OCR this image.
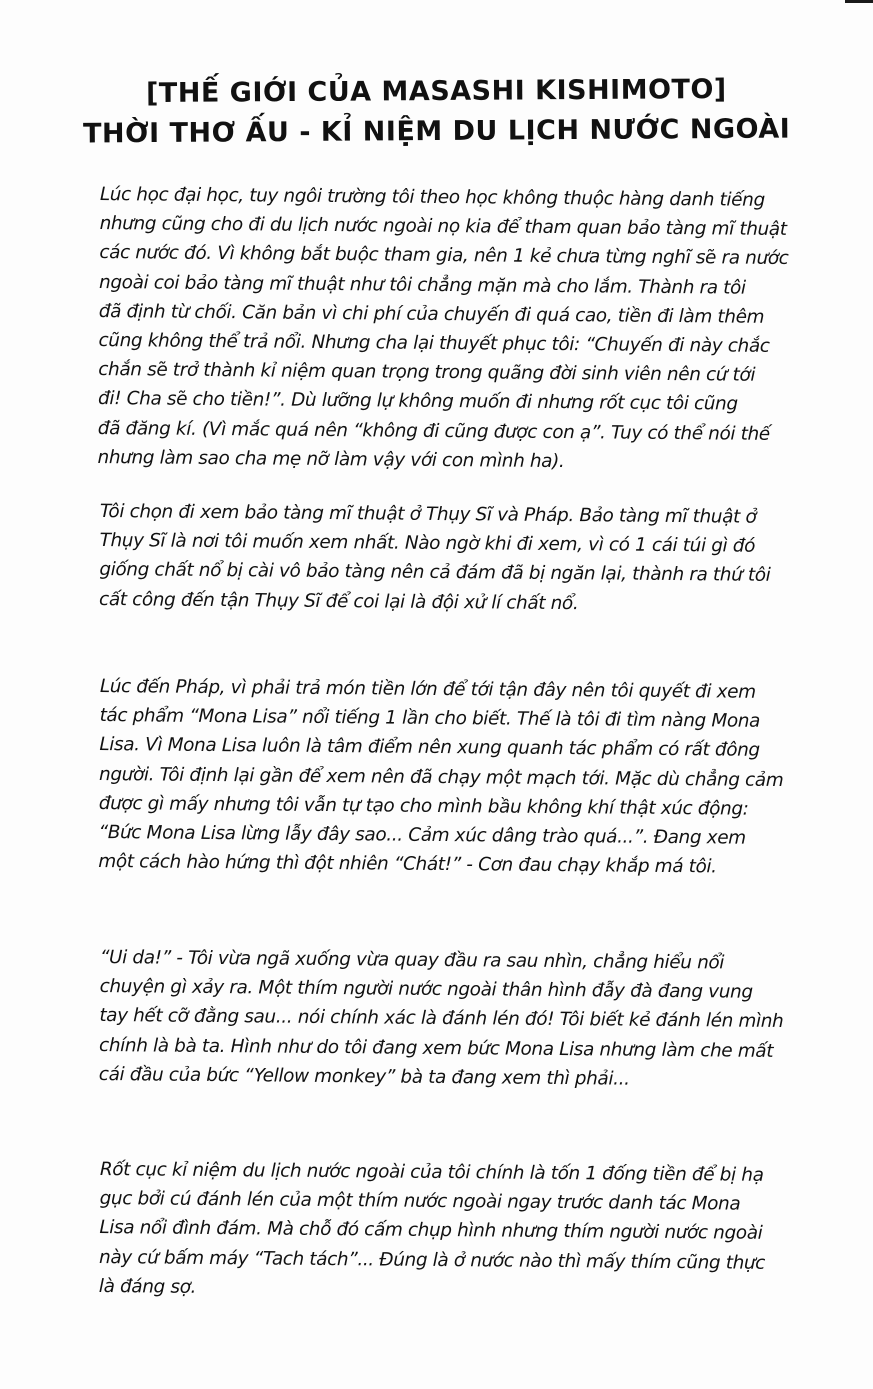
[THẾ GIỚI CỦA MASASHI KISHIMOTO]
THỜI THƠ ẤU - KỈ NIỆM DU LỊCH NƯỚC NGOÀI
Lúc học đại học, tuy ngôi trường tôi theo học không thuộc hàng danh tiếng
nhưng cũng cho đi du lịch nước ngoài nọ kia để tham quan bảo tàng mĩ thuật
các nước đó. Vì không bắt buộc tham gia, nên 1 kẻ chưa từng nghĩ sẽ ra nước
ngoài coi bảo tàng mĩ thuật như tôi chẳng mặn mà cho lắm. Thành ra tôi
đã định từ chối. Căn bản vì chi phí của chuyến đi quá cao, tiền đi làm thêm
cũng không thể trả nổi. Nhưng cha lại thuyết phục tôi: “Chuyến đi này chắc
chắn sẽ trở thành kỉ niệm quan trọng trong quãng đời sinh viên nên cứ tới
đi! Cha sẽ cho tiền!”. Dù lưỡng lự không muốn đi nhưng rốt cục tôi cũng
đã đăng kí. (Vì mắc quá nên “không đi cũng được con ạ”. Tuy có thể nói thế
nhưng làm sao cha mẹ nỡ làm vậy với con mình ha).
Tôi chọn đi xem bảo tàng mĩ thuật ở Thụy Sĩ và Pháp. Bảo tàng mĩ thuật ở
Thụy Sĩ là nơi tôi muốn xem nhất. Nào ngờ khi đi xem, vì có 1 cái túi gì đó
giống chất nổ bị cài vô bảo tàng nên cả đám đã bị ngăn lại, thành ra thứ tôi
cất công đến tận Thụy Sĩ để coi lại là đội xử lí chất nổ.
Lúc đến Pháp, vì phải trả món tiền lớn để tới tận đây nên tôi quyết đi xem
tác phẩm “Mona Lisa” nổi tiếng 1 lần cho biết. Thế là tôi đi tìm nàng Mona
Lisa. Vì Mona Lisa luôn là tâm điểm nên xung quanh tác phẩm có rất đông
người. Tôi định lại gần để xem nên đã chạy một mạch tới. Mặc dù chẳng cảm
được gì mấy nhưng tôi vẫn tự tạo cho mình bầu không khí thật xúc động:
“Bức Mona Lisa lừng lẫy đây sao... Cảm xúc dâng trào quá...”. Đang xem
một cách hào hứng thì đột nhiên “Chát!” - Cơn đau chạy khắp má tôi.
“Ui da!” - Tôi vừa ngã xuống vừa quay đầu ra sau nhìn, chẳng hiểu nổi
chuyện gì xảy ra. Một thím người nước ngoài thân hình đẫy đà đang vung
tay hết cỡ đằng sau... nói chính xác là đánh lén đó! Tôi biết kẻ đánh lén mình
chính là bà ta. Hình như do tôi đang xem bức Mona Lisa nhưng làm che mất
cái đầu của bức “Yellow monkey” bà ta đang xem thì phải...
Rốt cục kỉ niệm du lịch nước ngoài của tôi chính là tốn 1 đống tiền để bị hạ
gục bởi cú đánh lén của một thím nước ngoài ngay trước danh tác Mona
Lisa nổi đình đám. Mà chỗ đó cấm chụp hình nhưng thím người nước ngoài
này cứ bấm máy “Tach tách”... Đúng là ở nước nào thì mấy thím cũng thực
là đáng sợ.
